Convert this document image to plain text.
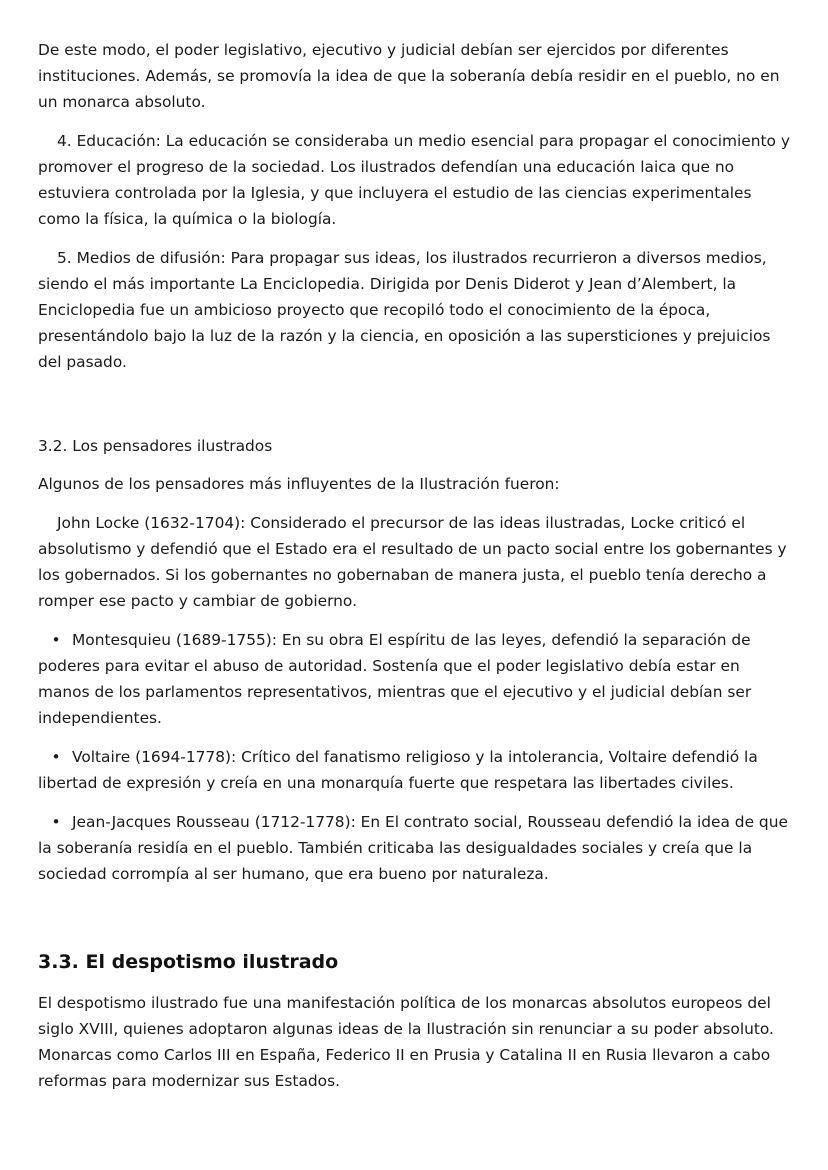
De este modo, el poder legislativo, ejecutivo y judicial debían ser ejercidos por diferentes instituciones. Además, se promovía la idea de que la soberanía debía residir en el pueblo, no en un monarca absoluto.

4. Educación: La educación se consideraba un medio esencial para propagar el conocimiento y promover el progreso de la sociedad. Los ilustrados defendían una educación laica que no estuviera controlada por la Iglesia, y que incluyera el estudio de las ciencias experimentales como la física, la química o la biología.

5. Medios de difusión: Para propagar sus ideas, los ilustrados recurrieron a diversos medios, siendo el más importante La Enciclopedia. Dirigida por Denis Diderot y Jean d’Alembert, la Enciclopedia fue un ambicioso proyecto que recopiló todo el conocimiento de la época, presentándolo bajo la luz de la razón y la ciencia, en oposición a las supersticiones y prejuicios del pasado.

3.2. Los pensadores ilustrados

Algunos de los pensadores más influyentes de la Ilustración fueron:

John Locke (1632-1704): Considerado el precursor de las ideas ilustradas, Locke criticó el absolutismo y defendió que el Estado era el resultado de un pacto social entre los gobernantes y los gobernados. Si los gobernantes no gobernaban de manera justa, el pueblo tenía derecho a romper ese pacto y cambiar de gobierno.

• Montesquieu (1689-1755): En su obra El espíritu de las leyes, defendió la separación de poderes para evitar el abuso de autoridad. Sostenía que el poder legislativo debía estar en manos de los parlamentos representativos, mientras que el ejecutivo y el judicial debían ser independientes.

• Voltaire (1694-1778): Crítico del fanatismo religioso y la intolerancia, Voltaire defendió la libertad de expresión y creía en una monarquía fuerte que respetara las libertades civiles.

• Jean-Jacques Rousseau (1712-1778): En El contrato social, Rousseau defendió la idea de que la soberanía residía en el pueblo. También criticaba las desigualdades sociales y creía que la sociedad corrompía al ser humano, que era bueno por naturaleza.

3.3. El despotismo ilustrado

El despotismo ilustrado fue una manifestación política de los monarcas absolutos europeos del siglo XVIII, quienes adoptaron algunas ideas de la Ilustración sin renunciar a su poder absoluto. Monarcas como Carlos III en España, Federico II en Prusia y Catalina II en Rusia llevaron a cabo reformas para modernizar sus Estados.
